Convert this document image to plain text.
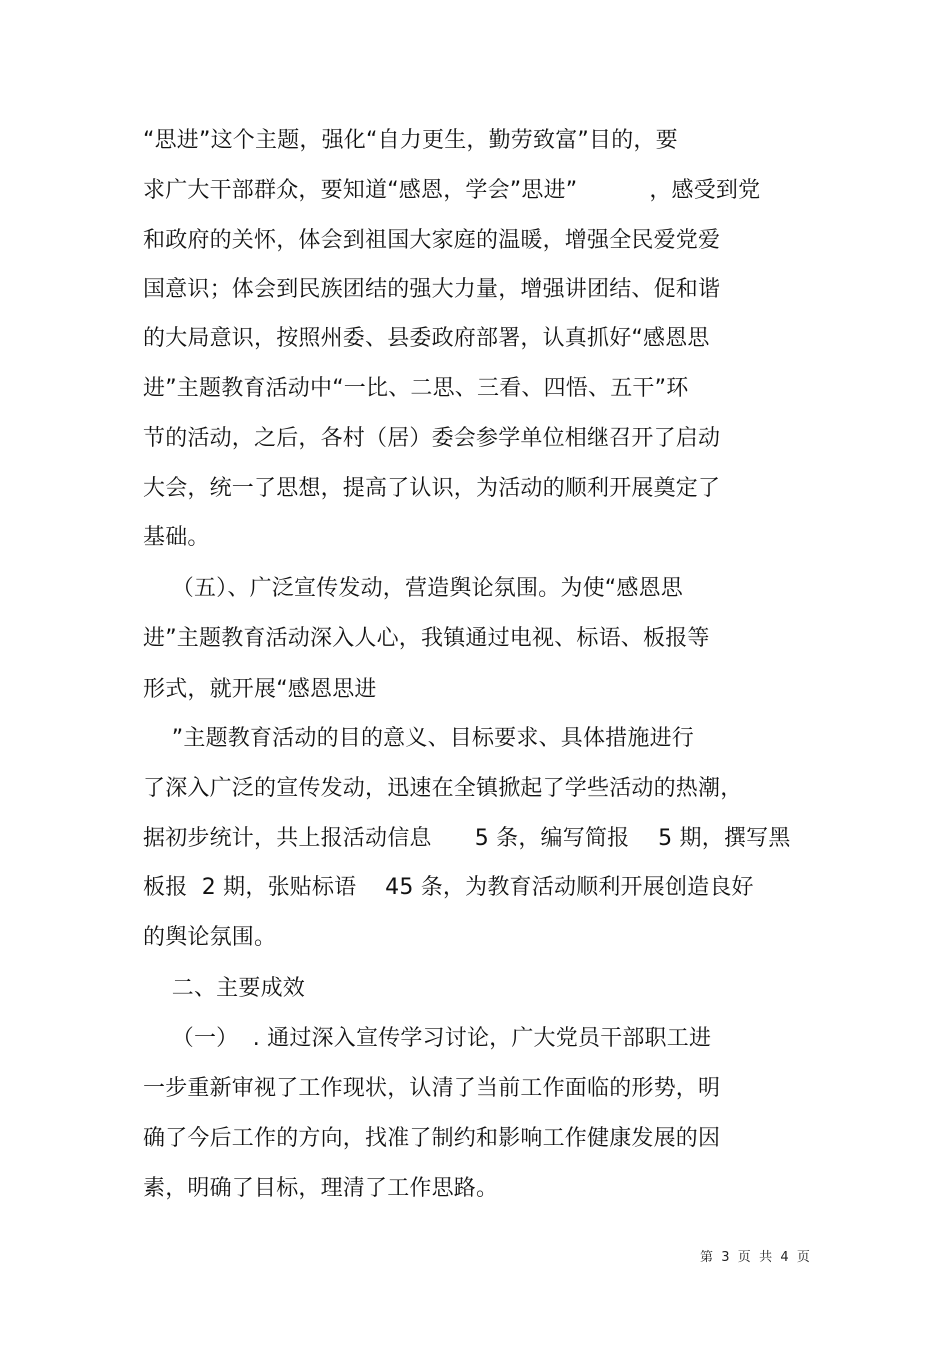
“思进”这个主题，强化“自力更生，勤劳致富”目的，要
求广大干部群众，要知道“感恩，学会”思进”          ，感受到党
和政府的关怀，体会到祖国大家庭的温暖，增强全民爱党爱
国意识；体会到民族团结的强大力量，增强讲团结、促和谐
的大局意识，按照州委、县委政府部署，认真抓好“感恩思
进”主题教育活动中“一比、二思、三看、四悟、五干”环
节的活动，之后，各村（居）委会参学单位相继召开了启动
大会，统一了思想，提高了认识，为活动的顺利开展奠定了
基础。
（五）、广泛宣传发动，营造舆论氛围。为使“感恩思
进”主题教育活动深入人心，我镇通过电视、标语、板报等
形式，就开展“感恩思进
”主题教育活动的目的意义、目标要求、具体措施进行
了深入广泛的宣传发动，迅速在全镇掀起了学些活动的热潮，
据初步统计，共上报活动信息      5 条，编写简报    5 期，撰写黑
板报  2 期，张贴标语    45 条，为教育活动顺利开展创造良好
的舆论氛围。
二、主要成效
（一）  . 通过深入宣传学习讨论，广大党员干部职工进
一步重新审视了工作现状，认清了当前工作面临的形势，明
确了今后工作的方向，找准了制约和影响工作健康发展的因
素，明确了目标，理清了工作思路。
第  3  页  共  4  页
